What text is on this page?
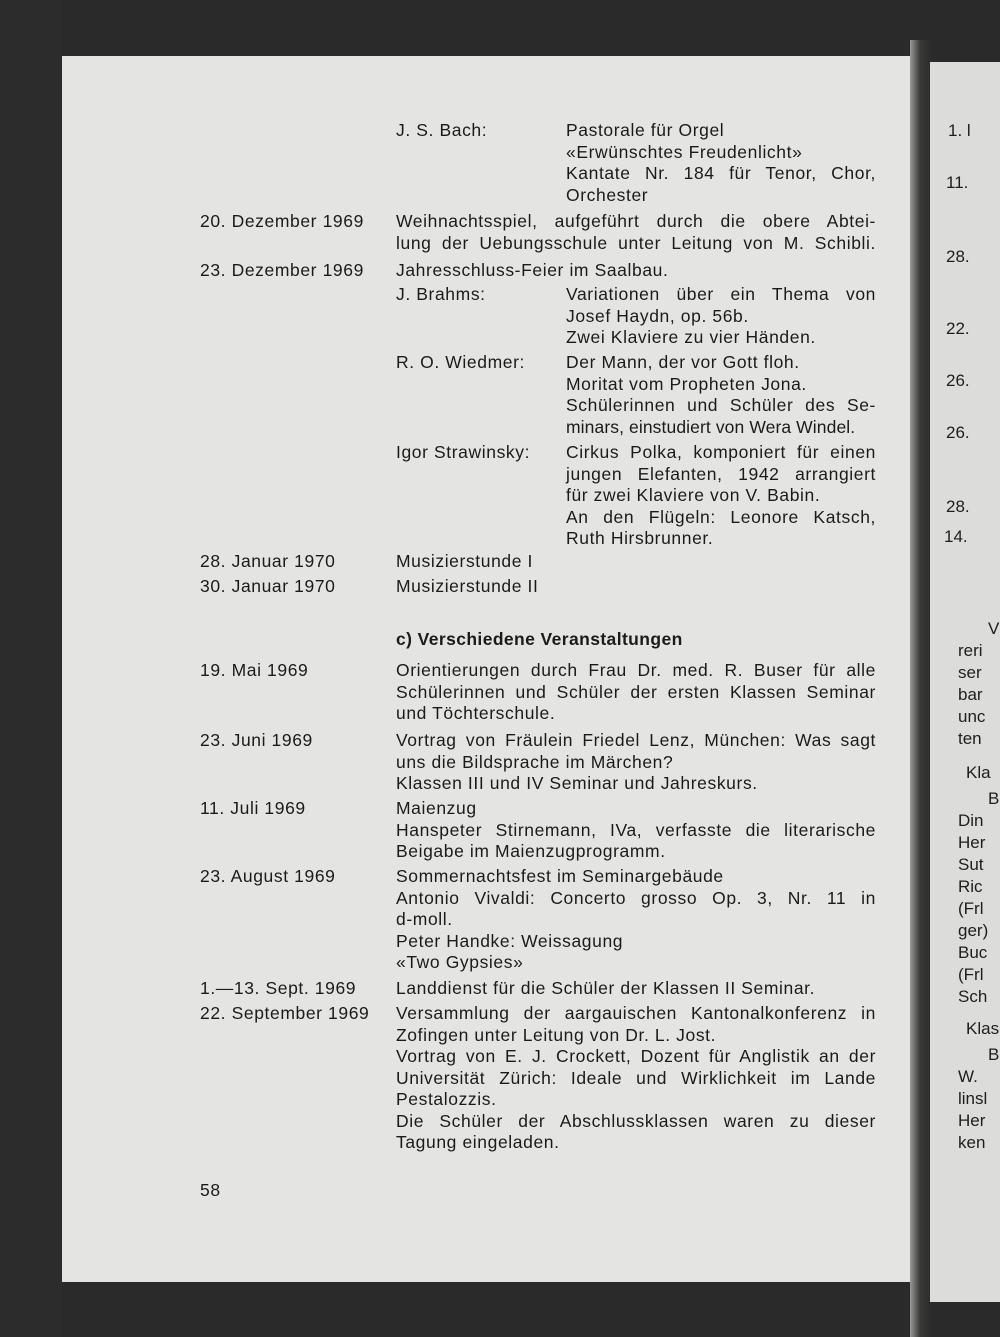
1. l
11.
28.
22.
26.
26.
28.
14.
V
reri
ser
bar
unc
ten
Kla
B
Din
Her
Sut
Ric
(Frl
ger)
Buc
(Frl
Sch
Klas
B
W.
linsl
Her
ken
J. S. Bach:	Pastorale für Orgel
«Erwünschtes Freudenlicht»
Kantate Nr. 184 für Tenor, Chor,
Orchester
20. Dezember 1969 Weihnachtsspiel, aufgeführt durch die obere Abtei-
lung der Uebungsschule unter Leitung von M. Schibli.
23. Dezember 1969 Jahresschluss-Feier im Saalbau.
J. Brahms:	Variationen über ein Thema von
Josef Haydn, op. 56b.
Zwei Klaviere zu vier Händen.
R. O. Wiedmer: Der Mann, der vor Gott floh.
Moritat vom Propheten Jona.
Schülerinnen und Schüler des Se-
minars, einstudiert von Wera Windel.
Igor Strawinsky: Cirkus Polka, komponiert für einen
jungen Elefanten, 1942 arrangiert
für zwei Klaviere von V. Babin.
An den Flügeln: Leonore Katsch,
Ruth Hirsbrunner.
28. Januar 1970	Musizierstunde I
30. Januar 1970	Musizierstunde II
c) Verschiedene Veranstaltungen
19. Mai 1969	Orientierungen durch Frau Dr. med. R. Buser für alle
Schülerinnen und Schüler der ersten Klassen Seminar
und Töchterschule.
23. Juni 1969	Vortrag von Fräulein Friedel Lenz, München: Was sagt
uns die Bildsprache im Märchen?
Klassen III und IV Seminar und Jahreskurs.
11. Juli 1969	Maienzug
Hanspeter Stirnemann, IVa, verfasste die literarische
Beigabe im Maienzugprogramm.
23. August 1969	Sommernachtsfest im Seminargebäude
Antonio Vivaldi: Concerto grosso Op. 3, Nr. 11 in
d-moll.
Peter Handke: Weissagung
«Two Gypsies»
1.—13. Sept. 1969 Landdienst für die Schüler der Klassen II Seminar.
22. September 1969 Versammlung der aargauischen Kantonalkonferenz in
Zofingen unter Leitung von Dr. L. Jost.
Vortrag von E. J. Crockett, Dozent für Anglistik an der
Universität Zürich: Ideale und Wirklichkeit im Lande
Pestalozzis.
Die Schüler der Abschlussklassen waren zu dieser
Tagung eingeladen.
58
